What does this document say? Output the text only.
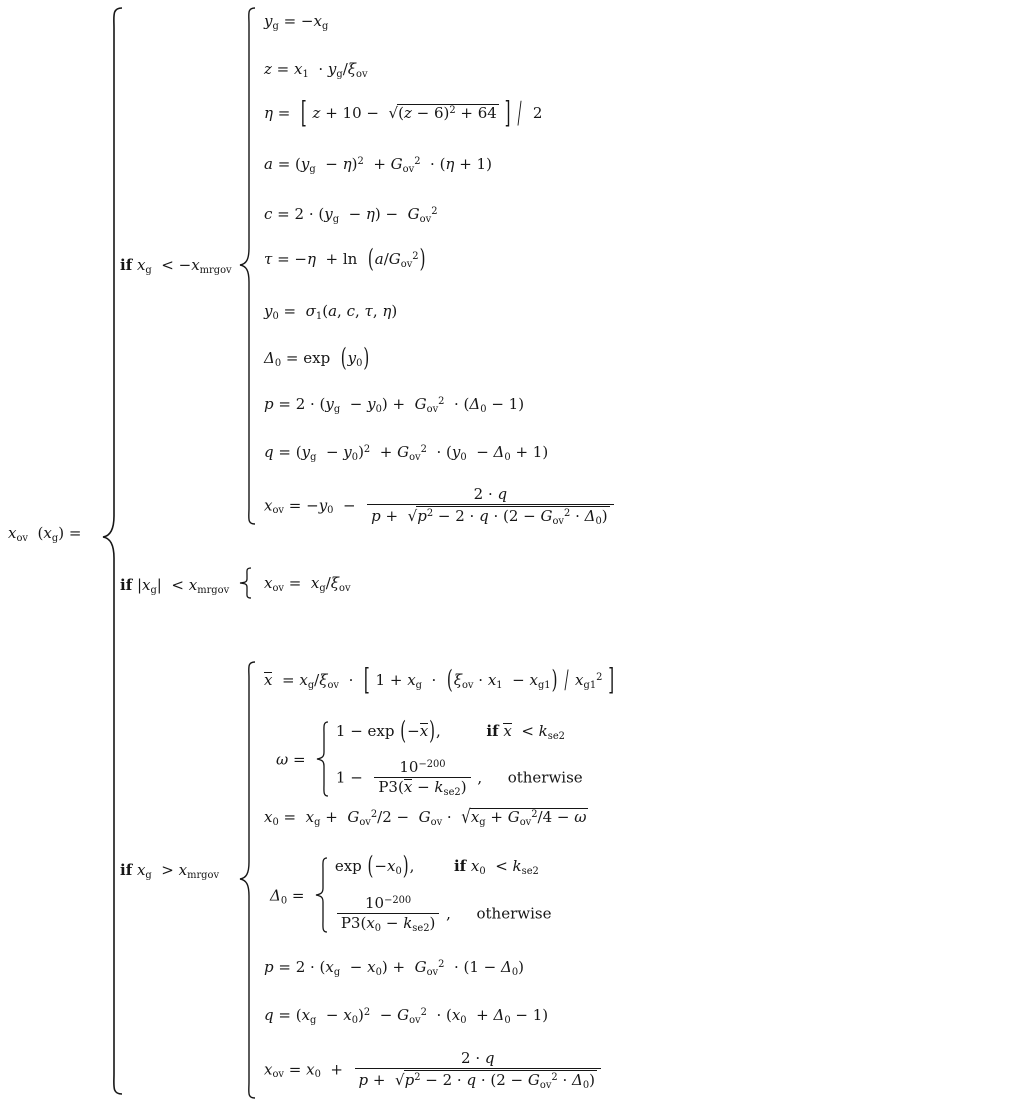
$x_{ov}$  $(x_g)$ =
if $x_g < -x_{mrgov}$
$y_g = -x_g$
$z = x_1 \cdot y_g/\xi_{ov}$
η =  [ $z + 10 - √(z - 6)^2 + 64$ ] /  2
$a = (y_g - \eta)^2 + G_{ov}^2 \cdot (\eta + 1)$
$c = 2 \cdot (y_g - \eta) - G_{ov}^2$
$\tau = -\eta + \ln (a/G_{ov}^2)$
$y_0 = \sigma_1(a$, c, τ, η)
$\Delta_0 = \exp (y_0)$
$p = 2 \cdot (y_g - y_0) + G_{ov}^2 \cdot (\Delta_0 - 1)$
$q = (y_g - y_0)^2 + G_{ov}^2 \cdot (y_0 - \Delta_0 + 1)$
$x_{ov} = -y_0 - \frac{2 \cdot q}{p + √p^2 - 2 \cdot q \cdot (2 - G_{ov}^2 \cdot \Delta_0)}$
if $|x_g| < x_{mrgov}$ $x_{ov} = x_g/\xi_{ov}$
if $x_g > x_{mrgov}$
$x = x_g/\xi_{ov}$  ·  [ $1 + x_g \cdot (\xi_{ov} \cdot x_1 - x_{g1}) / xg1^2$ ]
ω =
1 − exp (−x),	if $x < k_{se2}$
$1 - \frac{10^{-200}}{P3(x - k_{se2})}$ , otherwise
$x_0 = x_g + G_{ov}^2/2 - G_{ov} \cdot √x_g + G_{ov}^2/4 - \omega$
$\Delta_0$ =
$\exp (-x_0)$,	if $x_0 < k_{se2}$
$\frac{10^{-200}}{P3(x_0 - k_{se2})}$ , otherwise
$p = 2 \cdot (x_g - x_0) + G_{ov}^2 \cdot (1 - \Delta_0)$
$q = (x_g - x_0)^2 - G_{ov}^2 \cdot (x_0 + \Delta_0 - 1)$
$x_{ov} = x_0 + \frac{2 \cdot q}{p + √p^2 - 2 \cdot q \cdot (2 - G_{ov}^2 \cdot \Delta_0)}$
